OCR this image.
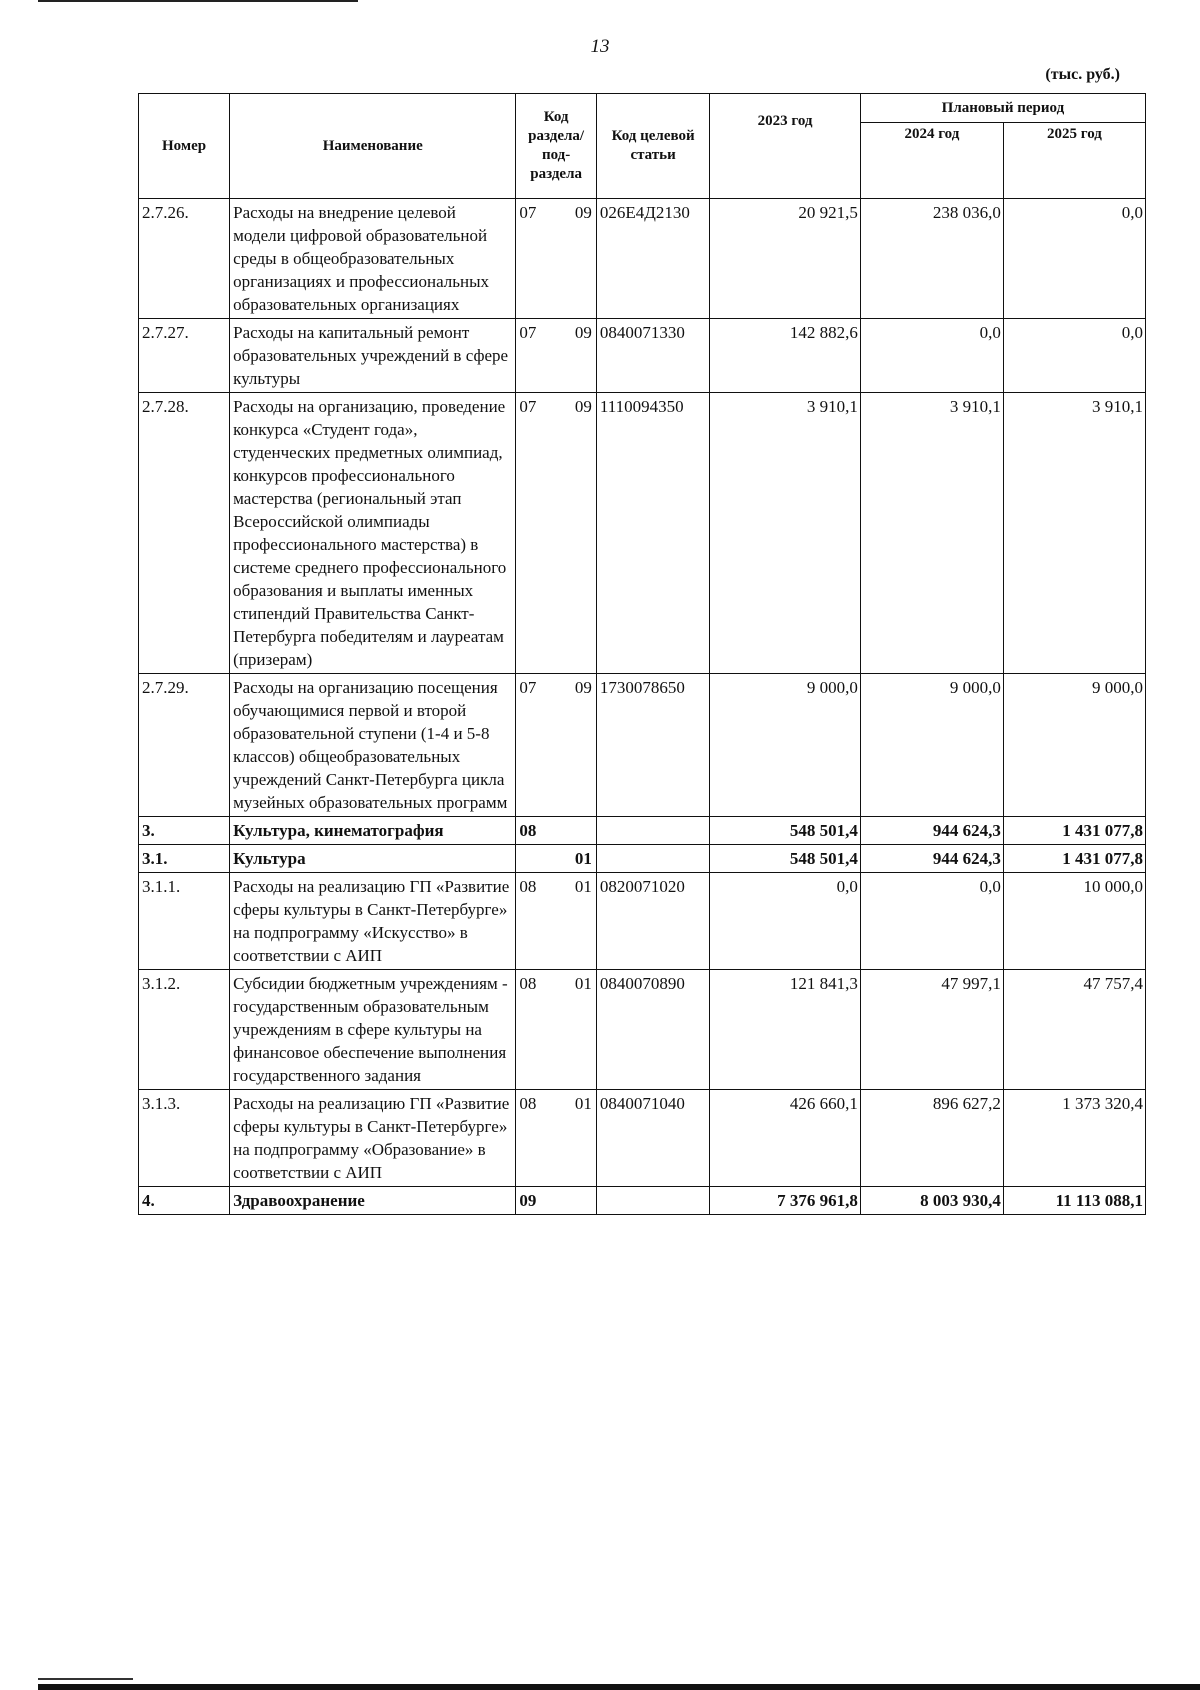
13
(тыс. руб.)
Номер	Наименование	Код раздела/ под-раздела	Код целевой статьи	2023 год	Плановый период	
					2024 год	2025 год
2.7.26.	Расходы на внедрение целевой модели цифровой образовательной среды в общеобразовательных организациях и профессиональных образовательных организациях	07 09	026Е4Д2130	20 921,5	238 036,0	0,0
2.7.27.	Расходы на капитальный ремонт образовательных учреждений в сфере культуры	07 09	0840071330	142 882,6	0,0	0,0
2.7.28.	Расходы на организацию, проведение конкурса «Студент года», студенческих предметных олимпиад, конкурсов профессионального мастерства (региональный этап Всероссийской олимпиады профессионального мастерства) в системе среднего профессионального образования и выплаты именных стипендий Правительства Санкт-Петербурга победителям и лауреатам (призерам)	07 09	1110094350	3 910,1	3 910,1	3 910,1
2.7.29.	Расходы на организацию посещения обучающимися первой и второй образовательной ступени (1-4 и 5-8 классов) общеобразовательных учреждений Санкт-Петербурга цикла музейных образовательных программ	07 09	1730078650	9 000,0	9 000,0	9 000,0
3.	Культура, кинематография	08		548 501,4	944 624,3	1 431 077,8
3.1.	Культура	01		548 501,4	944 624,3	1 431 077,8
3.1.1.	Расходы на реализацию ГП «Развитие сферы культуры в Санкт-Петербурге» на подпрограмму «Искусство» в соответствии с АИП	08 01	0820071020	0,0	0,0	10 000,0
3.1.2.	Субсидии бюджетным учреждениям - государственным образовательным учреждениям в сфере культуры на финансовое обеспечение выполнения государственного задания	08 01	0840070890	121 841,3	47 997,1	47 757,4
3.1.3.	Расходы на реализацию ГП «Развитие сферы культуры в Санкт-Петербурге» на подпрограмму «Образование» в соответствии с АИП	08 01	0840071040	426 660,1	896 627,2	1 373 320,4
4.	Здравоохранение	09		7 376 961,8	8 003 930,4	11 113 088,1
